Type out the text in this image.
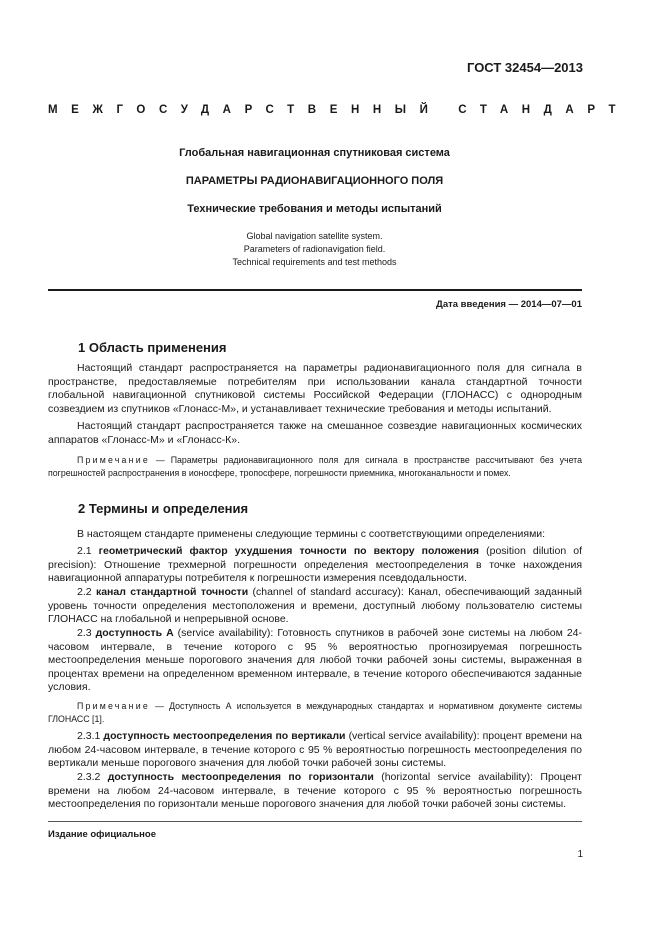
ГОСТ 32454—2013
МЕЖГОСУДАРСТВЕННЫЙ СТАНДАРТ
Глобальная навигационная спутниковая система
ПАРАМЕТРЫ РАДИОНАВИГАЦИОННОГО ПОЛЯ
Технические требования и методы испытаний
Global navigation satellite system.
Parameters of radionavigation field.
Technical requirements and test methods
Дата введения — 2014—07—01
1 Область применения

Настоящий стандарт распространяется на параметры радионавигационного поля для сигнала в пространстве, предоставляемые потребителям при использовании канала стандартной точности глобальной навигационной спутниковой системы Российской Федерации (ГЛОНАСС) с однородным созвездием из спутников «Глонасс-М», и устанавливает технические требования и методы испытаний.

Настоящий стандарт распространяется также на смешанное созвездие навигационных космических аппаратов «Глонасс-М» и «Глонасс-К».

Примечание — Параметры радионавигационного поля для сигнала в пространстве рассчитывают без учета погрешностей распространения в ионосфере, тропосфере, погрешности приемника, многоканальности и помех.

2 Термины и определения

В настоящем стандарте применены следующие термины с соответствующими определениями:

2.1 геометрический фактор ухудшения точности по вектору положения (position dilution of precision): Отношение трехмерной погрешности определения местоопределения в точке нахождения навигационной аппаратуры потребителя к погрешности измерения псевдодальности.

2.2 канал стандартной точности (channel of standard accuracy): Канал, обеспечивающий заданный уровень точности определения местоположения и времени, доступный любому пользователю системы ГЛОНАСС на глобальной и непрерывной основе.

2.3 доступность А (service availability): Готовность спутников в рабочей зоне системы на любом 24-часовом интервале, в течение которого с 95 % вероятностью прогнозируемая погрешность местоопределения меньше порогового значения для любой точки рабочей зоны системы, выраженная в процентах времени на определенном временном интервале, в течение которого обеспечиваются заданные условия.

Примечание — Доступность А используется в международных стандартах и нормативном документе системы ГЛОНАСС [1].

2.3.1 доступность местоопределения по вертикали (vertical service availability): процент времени на любом 24-часовом интервале, в течение которого с 95 % вероятностью погрешность местоопределения по вертикали меньше порогового значения для любой точки рабочей зоны системы.

2.3.2 доступность местоопределения по горизонтали (horizontal service availability): Процент времени на любом 24-часовом интервале, в течение которого с 95 % вероятностью погрешность местоопределения по горизонтали меньше порогового значения для любой точки рабочей зоны системы.

Издание официальное
1
